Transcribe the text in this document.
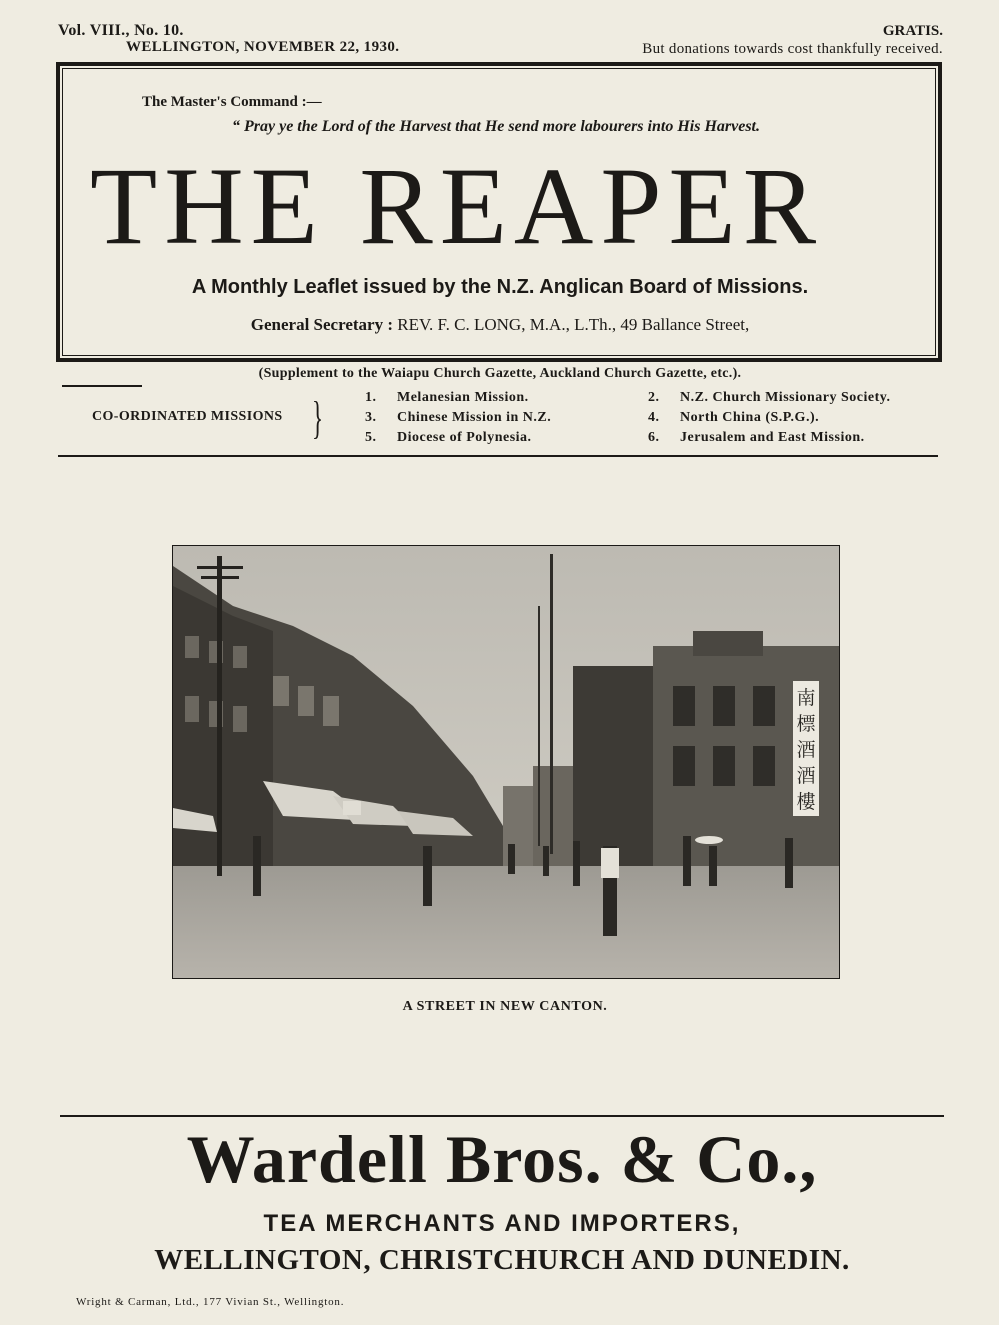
Vol. VIII., No. 10.
WELLINGTON, NOVEMBER 22, 1930.
GRATIS.
But donations towards cost thankfully received.
The Master's Command :—
“ Pray ye the Lord of the Harvest that He send more labourers into His Harvest.
THE REAPER
A Monthly Leaflet issued by the N.Z. Anglican Board of Missions.
General Secretary : REV. F. C. LONG, M.A., L.Th., 49 Ballance Street,
(Supplement to the Waiapu Church Gazette, Auckland Church Gazette, etc.).
CO-ORDINATED MISSIONS }	1. Melanesian Mission.	2. N.Z. Church Missionary Society.
3. Chinese Mission in N.Z.	4. North China (S.P.G.).
5. Diocese of Polynesia.	6. Jerusalem and East Mission.
南
標
酒
酒
樓
A STREET IN NEW CANTON.
Wardell Bros. & Co.,
TEA MERCHANTS AND IMPORTERS,
WELLINGTON, CHRISTCHURCH AND DUNEDIN.
Wright & Carman, Ltd., 177 Vivian St., Wellington.
